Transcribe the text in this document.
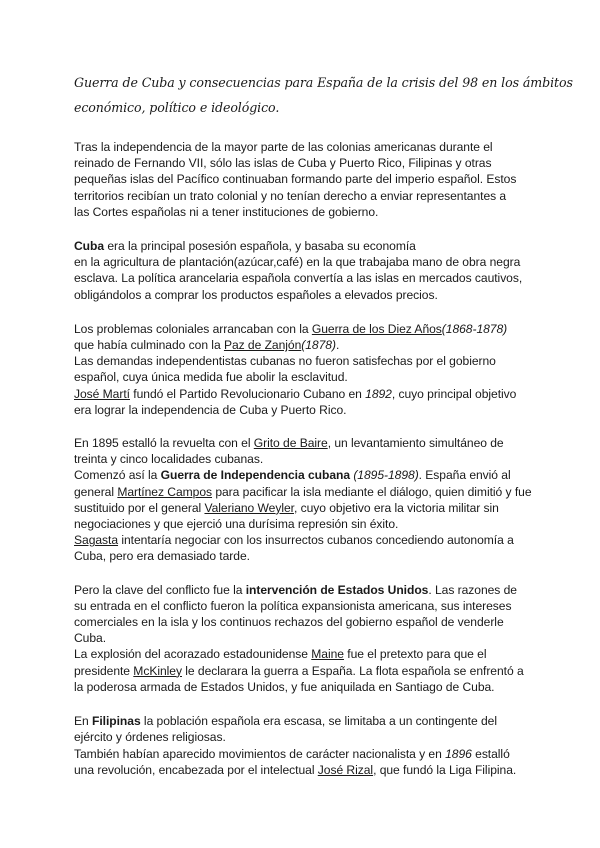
Guerra de Cuba y consecuencias para España de la crisis del 98 en los ámbitos
económico, político e ideológico.

Tras la independencia de la mayor parte de las colonias americanas durante el
reinado de Fernando VII, sólo las islas de Cuba y Puerto Rico, Filipinas y otras
pequeñas islas del Pacífico continuaban formando parte del imperio español. Estos
territorios recibían un trato colonial y no tenían derecho a enviar representantes a
las Cortes españolas ni a tener instituciones de gobierno.

Cuba era la principal posesión española, y basaba su economía
en la agricultura de plantación(azúcar,café) en la que trabajaba mano de obra negra
esclava. La política arancelaria española convertía a las islas en mercados cautivos,
obligándolos a comprar los productos españoles a elevados precios.

Los problemas coloniales arrancaban con la Guerra de los Diez Años(1868-1878)
que había culminado con la Paz de Zanjón(1878).
Las demandas independentistas cubanas no fueron satisfechas por el gobierno
español, cuya única medida fue abolir la esclavitud.
José Martí fundó el Partido Revolucionario Cubano en 1892, cuyo principal objetivo
era lograr la independencia de Cuba y Puerto Rico.

En 1895 estalló la revuelta con el Grito de Baire, un levantamiento simultáneo de
treinta y cinco localidades cubanas.
Comenzó así la Guerra de Independencia cubana (1895-1898). España envió al
general Martínez Campos para pacificar la isla mediante el diálogo, quien dimitió y fue
sustituido por el general Valeriano Weyler, cuyo objetivo era la victoria militar sin
negociaciones y que ejerció una durísima represión sin éxito.
Sagasta intentaría negociar con los insurrectos cubanos concediendo autonomía a
Cuba, pero era demasiado tarde.

Pero la clave del conflicto fue la intervención de Estados Unidos. Las razones de
su entrada en el conflicto fueron la política expansionista americana, sus intereses
comerciales en la isla y los continuos rechazos del gobierno español de venderle
Cuba.
La explosión del acorazado estadounidense Maine fue el pretexto para que el
presidente McKinley le declarara la guerra a España. La flota española se enfrentó a
la poderosa armada de Estados Unidos, y fue aniquilada en Santiago de Cuba.

En Filipinas la población española era escasa, se limitaba a un contingente del
ejército y órdenes religiosas.
También habían aparecido movimientos de carácter nacionalista y en 1896 estalló
una revolución, encabezada por el intelectual José Rizal, que fundó la Liga Filipina.
